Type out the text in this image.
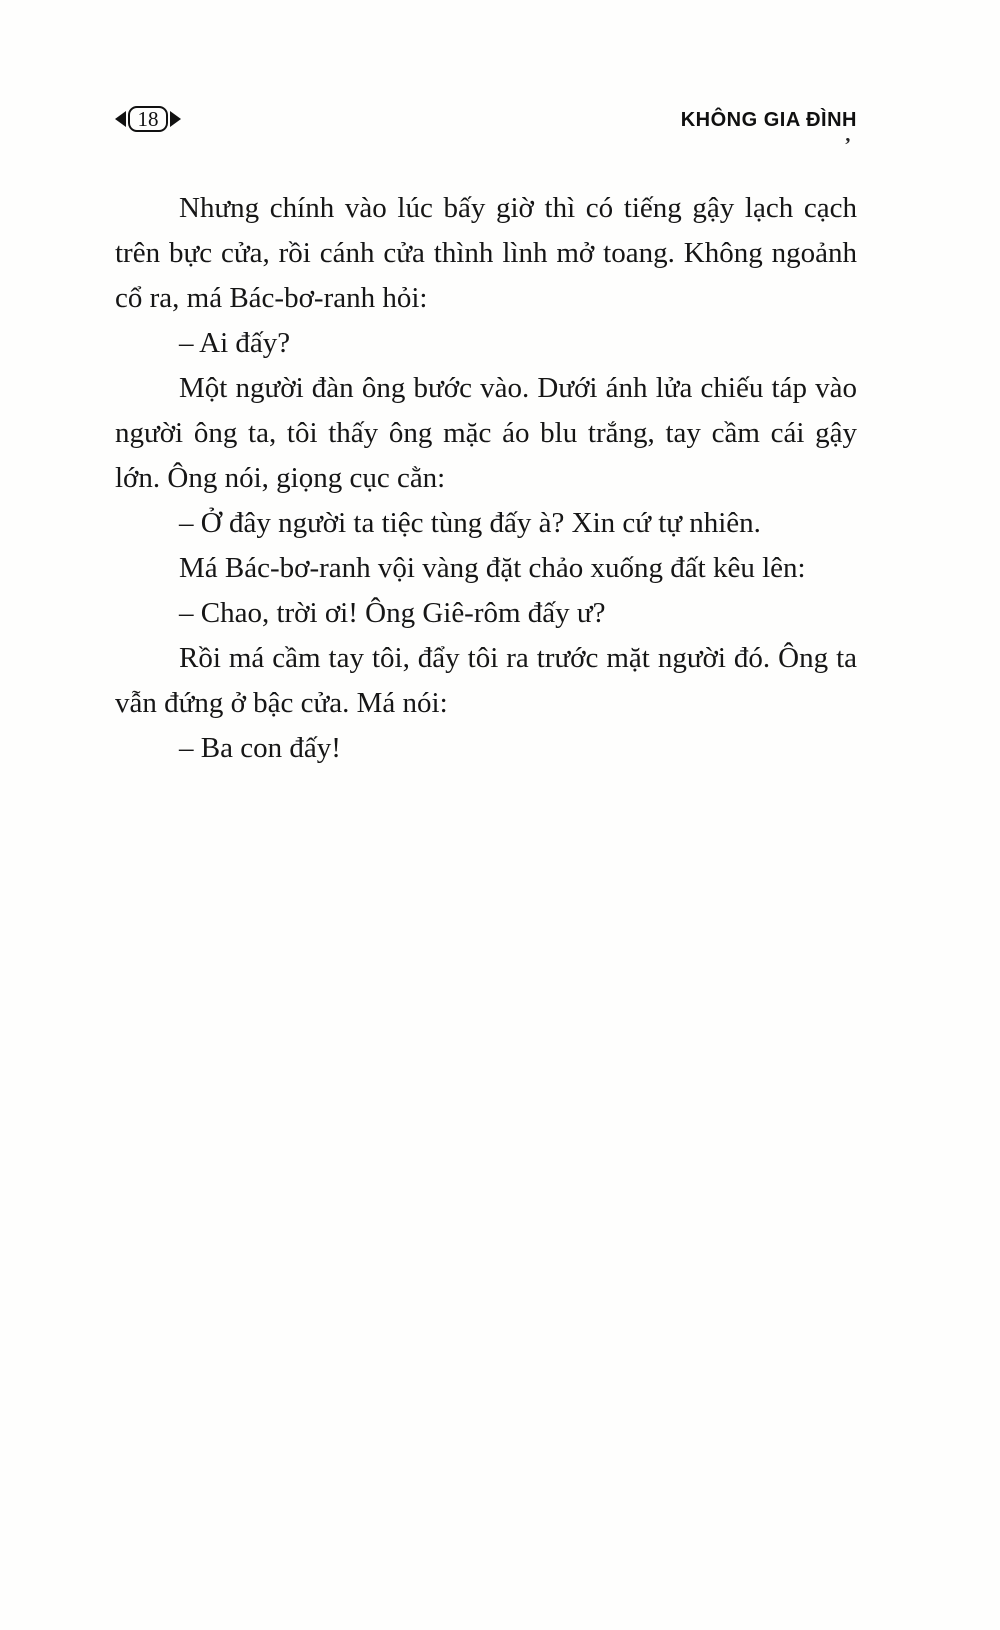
18	KHÔNG GIA ĐÌNH
’

Nhưng chính vào lúc bấy giờ thì có tiếng gậy lạch cạch trên bực cửa, rồi cánh cửa thình lình mở toang. Không ngoảnh cổ ra, má Bác-bơ-ranh hỏi:

– Ai đấy?

Một người đàn ông bước vào. Dưới ánh lửa chiếu táp vào người ông ta, tôi thấy ông mặc áo blu trắng, tay cầm cái gậy lớn. Ông nói, giọng cục cằn:

– Ở đây người ta tiệc tùng đấy à? Xin cứ tự nhiên.

Má Bác-bơ-ranh vội vàng đặt chảo xuống đất kêu lên:

– Chao, trời ơi! Ông Giê-rôm đấy ư?

Rồi má cầm tay tôi, đẩy tôi ra trước mặt người đó. Ông ta vẫn đứng ở bậc cửa. Má nói:

– Ba con đấy!
